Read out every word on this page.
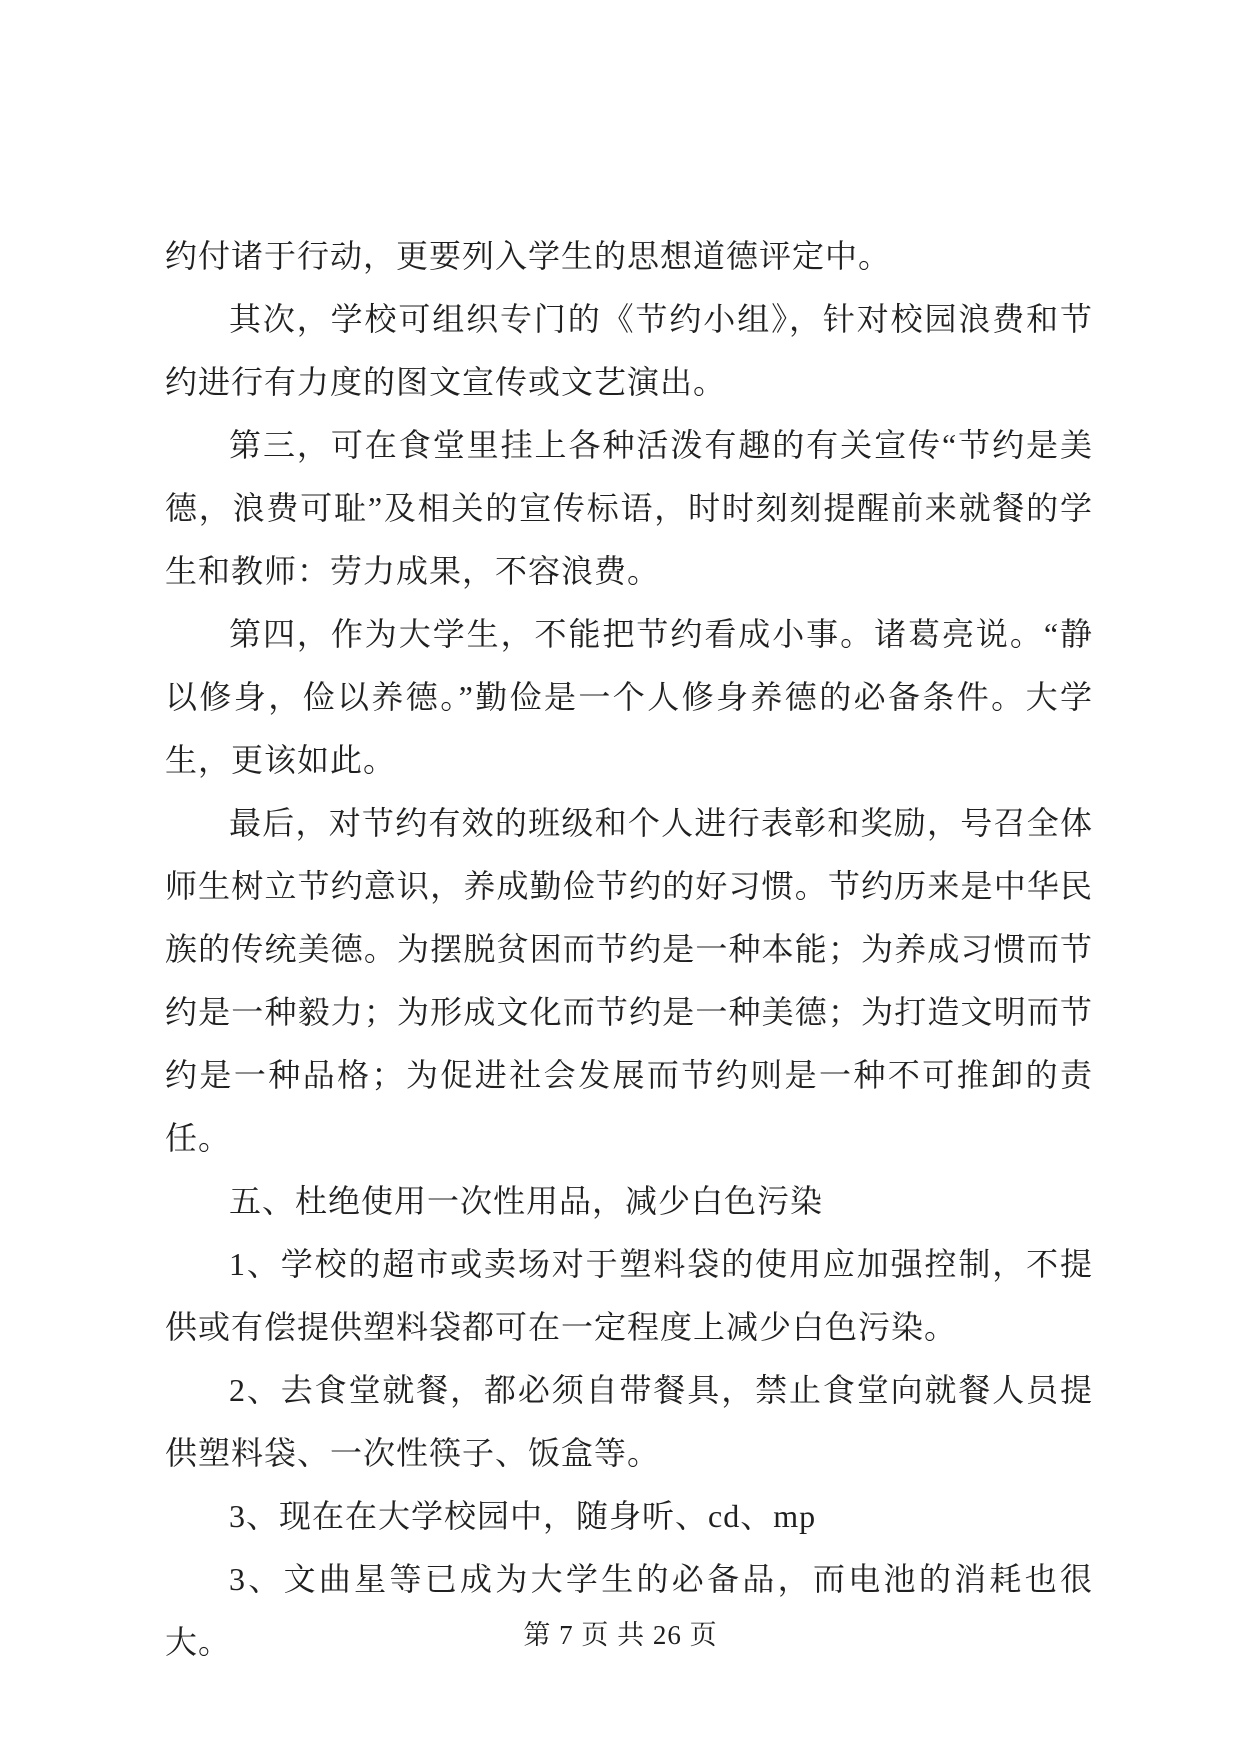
约付诸于行动，更要列入学生的思想道德评定中。

其次，学校可组织专门的《节约小组》，针对校园浪费和节约进行有力度的图文宣传或文艺演出。

第三，可在食堂里挂上各种活泼有趣的有关宣传“节约是美德，浪费可耻”及相关的宣传标语，时时刻刻提醒前来就餐的学生和教师：劳力成果，不容浪费。

第四，作为大学生，不能把节约看成小事。诸葛亮说。“静以修身，俭以养德。”勤俭是一个人修身养德的必备条件。大学生，更该如此。

最后，对节约有效的班级和个人进行表彰和奖励，号召全体师生树立节约意识，养成勤俭节约的好习惯。节约历来是中华民族的传统美德。为摆脱贫困而节约是一种本能；为养成习惯而节约是一种毅力；为形成文化而节约是一种美德；为打造文明而节约是一种品格；为促进社会发展而节约则是一种不可推卸的责任。

五、杜绝使用一次性用品，减少白色污染

1、学校的超市或卖场对于塑料袋的使用应加强控制，不提供或有偿提供塑料袋都可在一定程度上减少白色污染。

2、去食堂就餐，都必须自带餐具，禁止食堂向就餐人员提供塑料袋、一次性筷子、饭盒等。

3、现在在大学校园中，随身听、cd、mp

3、文曲星等已成为大学生的必备品，而电池的消耗也很大。	第 7 页 共 26 页
